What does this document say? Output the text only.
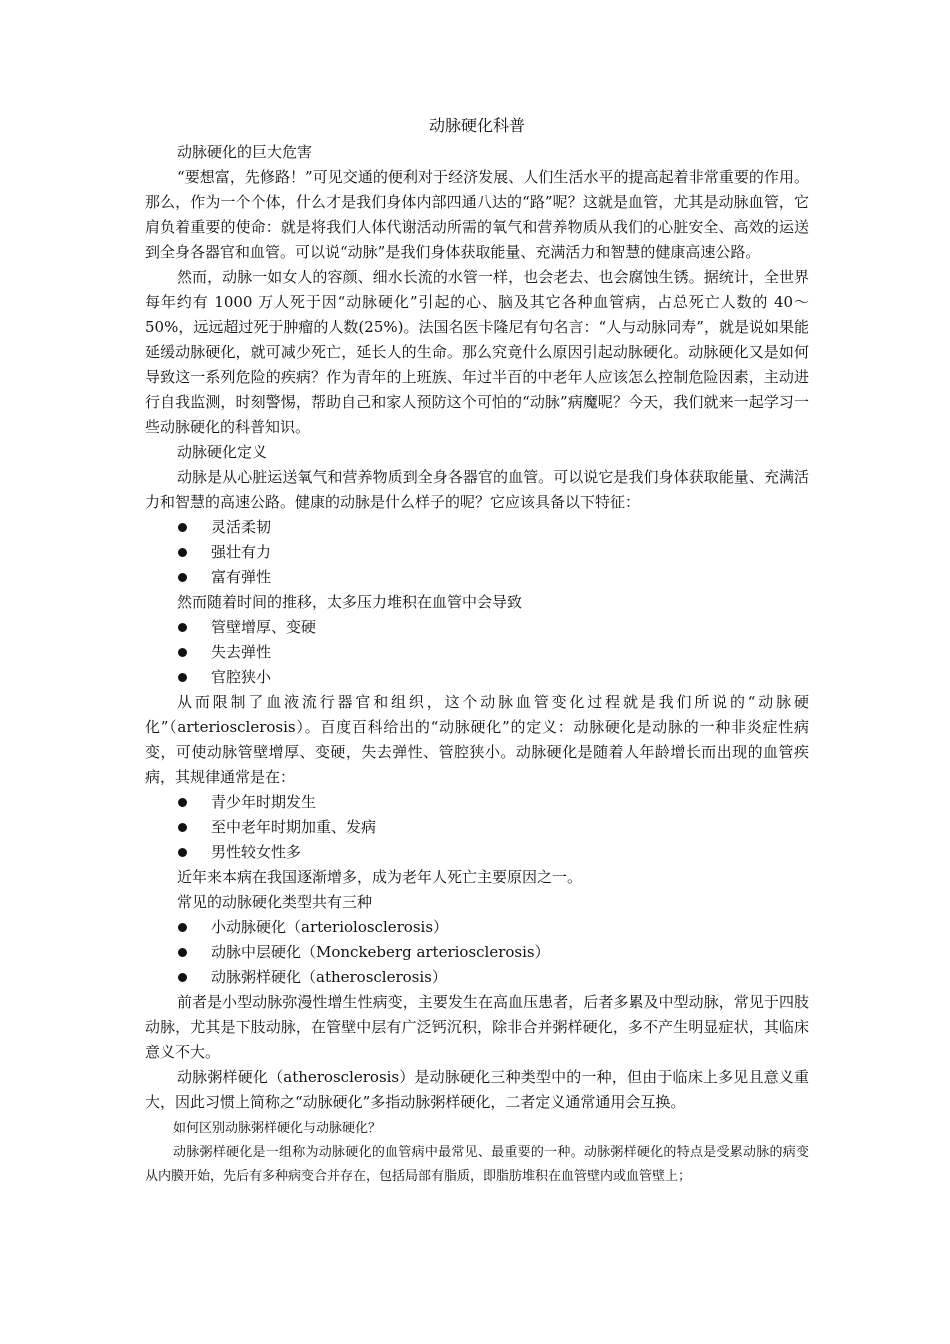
动脉硬化科普

动脉硬化的巨大危害

“要想富，先修路！”可见交通的便利对于经济发展、人们生活水平的提高起着非常重要的作用。那么，作为一个个体，什么才是我们身体内部四通八达的“路”呢？这就是血管，尤其是动脉血管，它肩负着重要的使命：就是将我们人体代谢活动所需的氧气和营养物质从我们的心脏安全、高效的运送到全身各器官和血管。可以说“动脉”是我们身体获取能量、充满活力和智慧的健康高速公路。

然而，动脉一如女人的容颜、细水长流的水管一样，也会老去、也会腐蚀生锈。据统计，全世界每年约有 1000 万人死于因“动脉硬化”引起的心、脑及其它各种血管病，占总死亡人数的 40～50%，远远超过死于肿瘤的人数(25%)。法国名医卡隆尼有句名言：“人与动脉同寿”，就是说如果能延缓动脉硬化，就可减少死亡，延长人的生命。那么究竟什么原因引起动脉硬化。动脉硬化又是如何导致这一系列危险的疾病？作为青年的上班族、年过半百的中老年人应该怎么控制危险因素，主动进行自我监测，时刻警惕，帮助自己和家人预防这个可怕的“动脉”病魔呢？今天，我们就来一起学习一些动脉硬化的科普知识。

动脉硬化定义

动脉是从心脏运送氧气和营养物质到全身各器官的血管。可以说它是我们身体获取能量、充满活力和智慧的高速公路。健康的动脉是什么样子的呢？它应该具备以下特征：

灵活柔韧
强壮有力
富有弹性

然而随着时间的推移，太多压力堆积在血管中会导致

管壁增厚、变硬
失去弹性
官腔狭小

从而限制了血液流行器官和组织，这个动脉血管变化过程就是我们所说的“动脉硬化”（arteriosclerosis）。百度百科给出的“动脉硬化”的定义：动脉硬化是动脉的一种非炎症性病变，可使动脉管壁增厚、变硬，失去弹性、管腔狭小。动脉硬化是随着人年龄增长而出现的血管疾病，其规律通常是在：

青少年时期发生
至中老年时期加重、发病
男性较女性多

近年来本病在我国逐渐增多，成为老年人死亡主要原因之一。

常见的动脉硬化类型共有三种

小动脉硬化（arteriolosclerosis）
动脉中层硬化（Monckeberg arteriosclerosis）
动脉粥样硬化（atherosclerosis）

前者是小型动脉弥漫性增生性病变，主要发生在高血压患者，后者多累及中型动脉，常见于四肢动脉，尤其是下肢动脉，在管壁中层有广泛钙沉积，除非合并粥样硬化，多不产生明显症状，其临床意义不大。

动脉粥样硬化（atherosclerosis）是动脉硬化三种类型中的一种，但由于临床上多见且意义重大，因此习惯上简称之“动脉硬化”多指动脉粥样硬化，二者定义通常通用会互换。

如何区别动脉粥样硬化与动脉硬化？

动脉粥样硬化是一组称为动脉硬化的血管病中最常见、最重要的一种。动脉粥样硬化的特点是受累动脉的病变从内膜开始，先后有多种病变合并存在，包括局部有脂质，即脂肪堆积在血管壁内或血管壁上；
